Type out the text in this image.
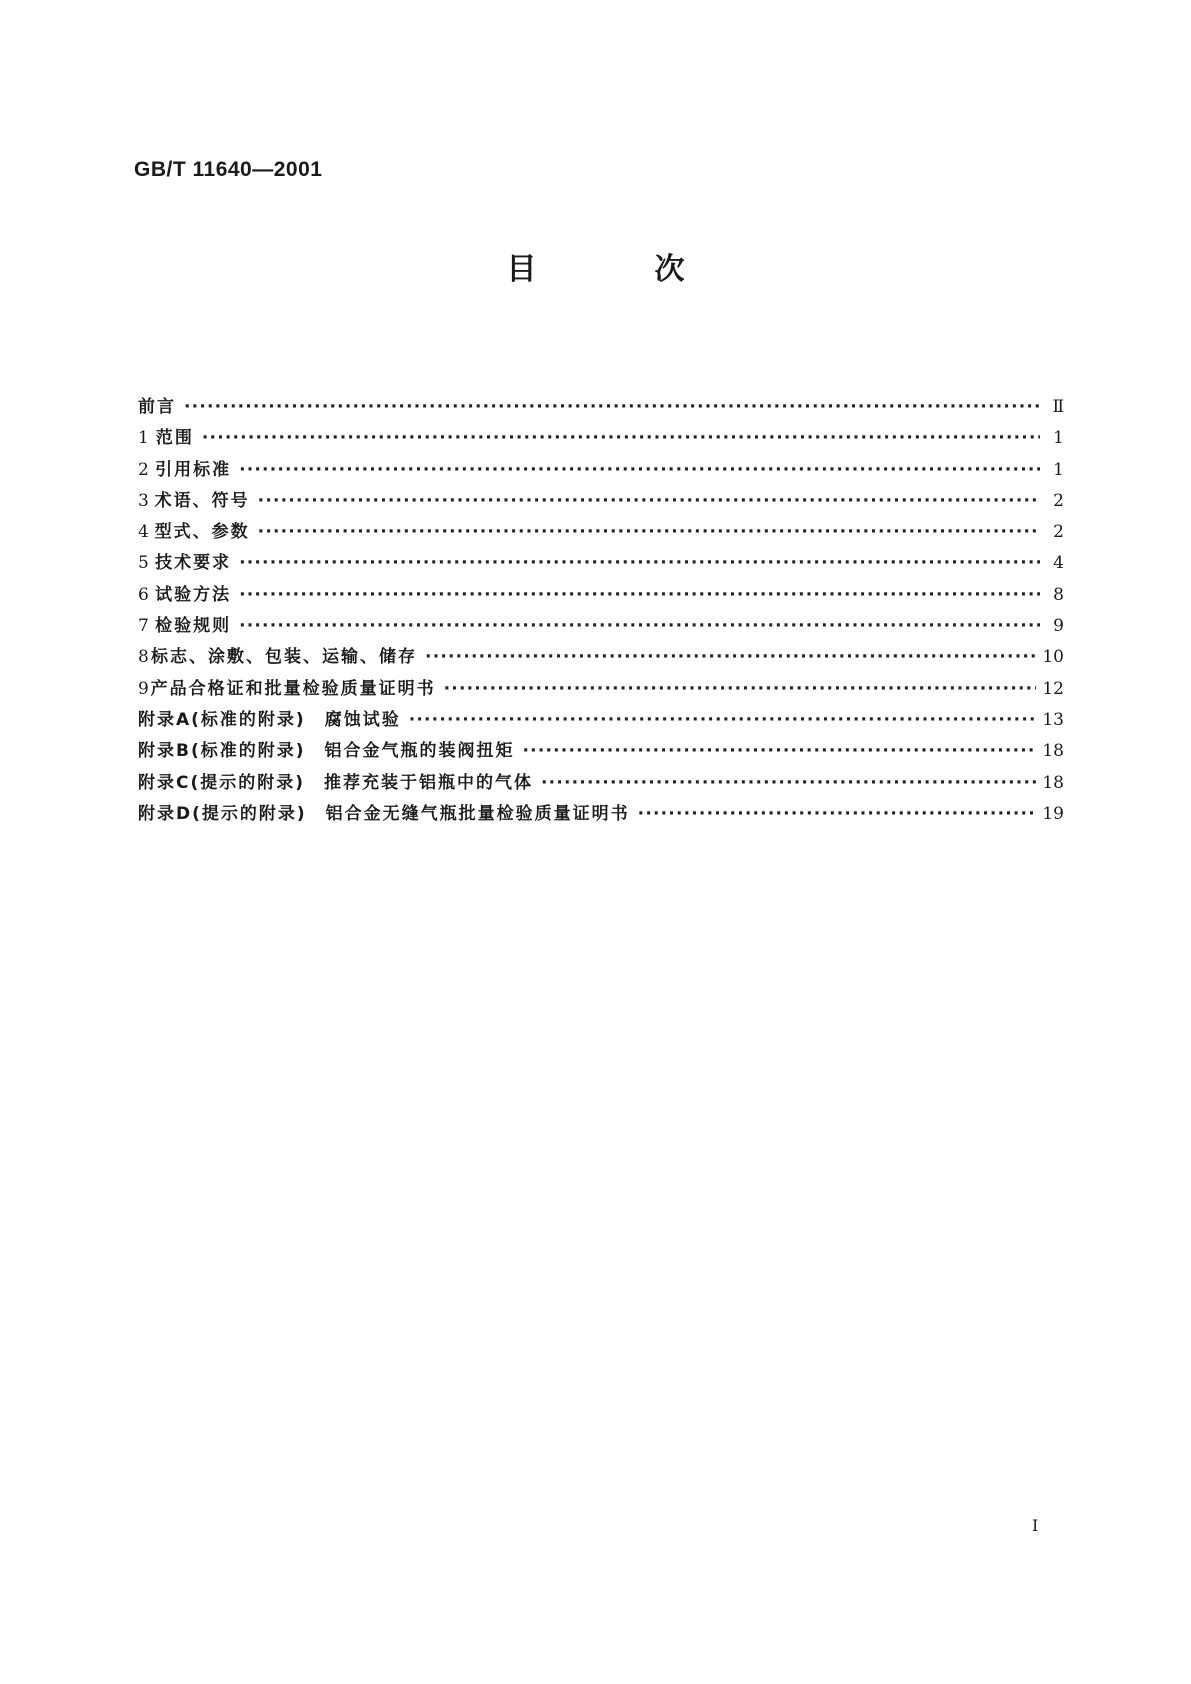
GB/T 11640—2001
目	次
前言 ·····	Ⅱ
1 范围 ·····	1
2 引用标准 ·····	1
3 术语、符号 ·····	2
4 型式、参数 ·····	2
5 技术要求 ·····	4
6 试验方法 ·····	8
7 检验规则 ·····	9
8 标志、涂敷、包装、运输、储存 ·····	10
9 产品合格证和批量检验质量证明书 ·····	12
附录A(标准的附录)　腐蚀试验 ·····	13
附录B(标准的附录)　铝合金气瓶的装阀扭矩 ·····	18
附录C(提示的附录)　推荐充装于铝瓶中的气体 ·····	18
附录D(提示的附录)　铝合金无缝气瓶批量检验质量证明书 ·····	19
I
